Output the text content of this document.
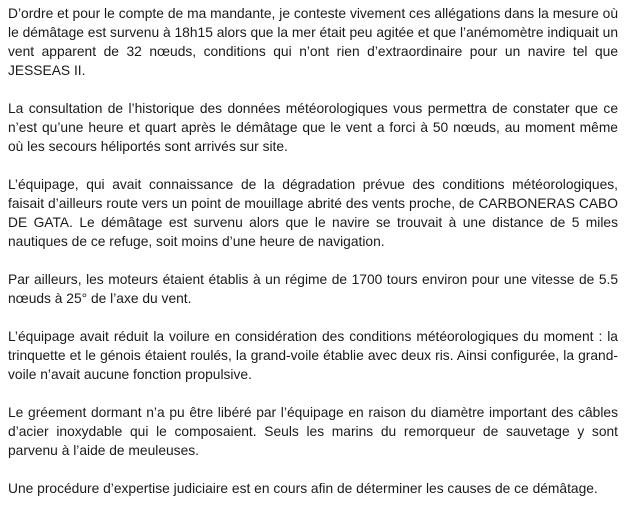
D’ordre et pour le compte de ma mandante, je conteste vivement ces allégations dans la mesure où le démâtage est survenu à 18h15 alors que la mer était peu agitée et que l’anémomètre indiquait un vent apparent de 32 nœuds, conditions qui n’ont rien d’extraordinaire pour un navire tel que JESSEAS II.

La consultation de l’historique des données météorologiques vous permettra de constater que ce n’est qu’une heure et quart après le démâtage que le vent a forci à 50 nœuds, au moment même où les secours héliportés sont arrivés sur site.

L’équipage, qui avait connaissance de la dégradation prévue des conditions météorologiques, faisait d’ailleurs route vers un point de mouillage abrité des vents proche, de CARBONERAS CABO DE GATA. Le démâtage est survenu alors que le navire se trouvait à une distance de 5 miles nautiques de ce refuge, soit moins d’une heure de navigation.

Par ailleurs, les moteurs étaient établis à un régime de 1700 tours environ pour une vitesse de 5.5 nœuds à 25° de l’axe du vent.

L’équipage avait réduit la voilure en considération des conditions météorologiques du moment : la trinquette et le génois étaient roulés, la grand-voile établie avec deux ris. Ainsi configurée, la grand-voile n’avait aucune fonction propulsive.

Le gréement dormant n’a pu être libéré par l’équipage en raison du diamètre important des câbles d’acier inoxydable qui le composaient. Seuls les marins du remorqueur de sauvetage y sont parvenu à l’aide de meuleuses.

Une procédure d’expertise judiciaire est en cours afin de déterminer les causes de ce démâtage.
